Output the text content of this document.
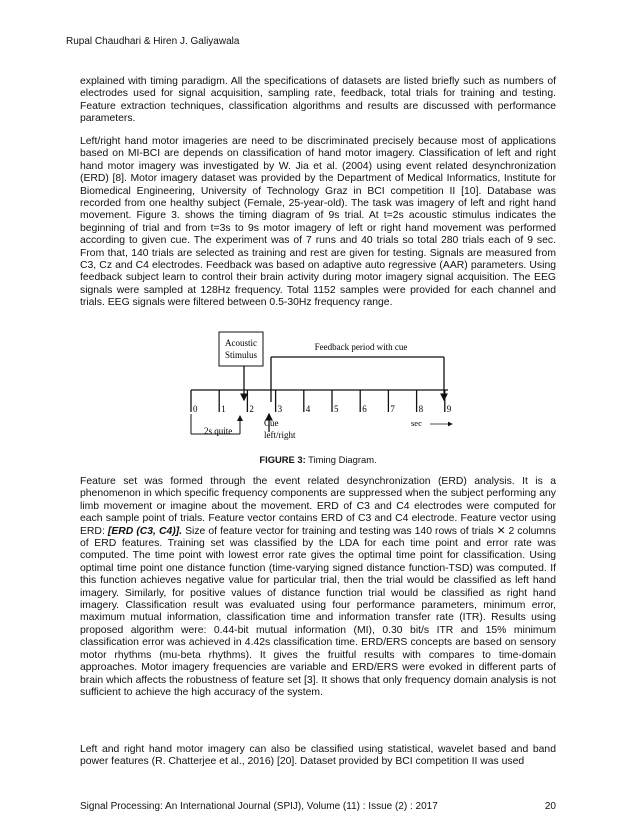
Rupal Chaudhari & Hiren J. Galiyawala

explained with timing paradigm. All the specifications of datasets are listed briefly such as numbers of electrodes used for signal acquisition, sampling rate, feedback, total trials for training and testing. Feature extraction techniques, classification algorithms and results are discussed with performance parameters.

Left/right hand motor imageries are need to be discriminated precisely because most of applications based on MI-BCI are depends on classification of hand motor imagery. Classification of left and right hand motor imagery was investigated by W. Jia et al. (2004) using event related desynchronization (ERD) [8]. Motor imagery dataset was provided by the Department of Medical Informatics, Institute for Biomedical Engineering, University of Technology Graz in BCI competition II [10]. Database was recorded from one healthy subject (Female, 25-year-old). The task was imagery of left and right hand movement. Figure 3. shows the timing diagram of 9s trial. At t=2s acoustic stimulus indicates the beginning of trial and from t=3s to 9s motor imagery of left or right hand movement was performed according to given cue. The experiment was of 7 runs and 40 trials so total 280 trials each of 9 sec. From that, 140 trials are selected as training and rest are given for testing. Signals are measured from C3, Cz and C4 electrodes. Feedback was based on adaptive auto regressive (AAR) parameters. Using feedback subject learn to control their brain activity during motor imagery signal acquisition. The EEG signals were sampled at 128Hz frequency. Total 1152 samples were provided for each channel and trials. EEG signals were filtered between 0.5-30Hz frequency range.

Acoustic
Stimulus
Feedback period with cue
0	1	2	3	4	5	6	7	8	9
2s quite
Cue
left/right
sec
FIGURE 3: Timing Diagram.

Feature set was formed through the event related desynchronization (ERD) analysis. It is a phenomenon in which specific frequency components are suppressed when the subject performing any limb movement or imagine about the movement. ERD of C3 and C4 electrodes were computed for each sample point of trials. Feature vector contains ERD of C3 and C4 electrode. Feature vector using ERD: [ERD (C3, C4)]. Size of feature vector for training and testing was 140 rows of trials ✕ 2 columns of ERD features. Training set was classified by the LDA for each time point and error rate was computed. The time point with lowest error rate gives the optimal time point for classification. Using optimal time point one distance function (time-varying signed distance function-TSD) was computed. If this function achieves negative value for particular trial, then the trial would be classified as left hand imagery. Similarly, for positive values of distance function trial would be classified as right hand imagery. Classification result was evaluated using four performance parameters, minimum error, maximum mutual information, classification time and information transfer rate (ITR). Results using proposed algorithm were: 0.44-bit mutual information (MI), 0.30 bit/s ITR and 15% minimum classification error was achieved in 4.42s classification time. ERD/ERS concepts are based on sensory motor rhythms (mu-beta rhythms). It gives the fruitful results with compares to time-domain approaches. Motor imagery frequencies are variable and ERD/ERS were evoked in different parts of brain which affects the robustness of feature set [3]. It shows that only frequency domain analysis is not sufficient to achieve the high accuracy of the system.

Left and right hand motor imagery can also be classified using statistical, wavelet based and band power features (R. Chatterjee et al., 2016) [20]. Dataset provided by BCI competition II was used

Signal Processing: An International Journal (SPIJ), Volume (11) : Issue (2) : 2017	20
